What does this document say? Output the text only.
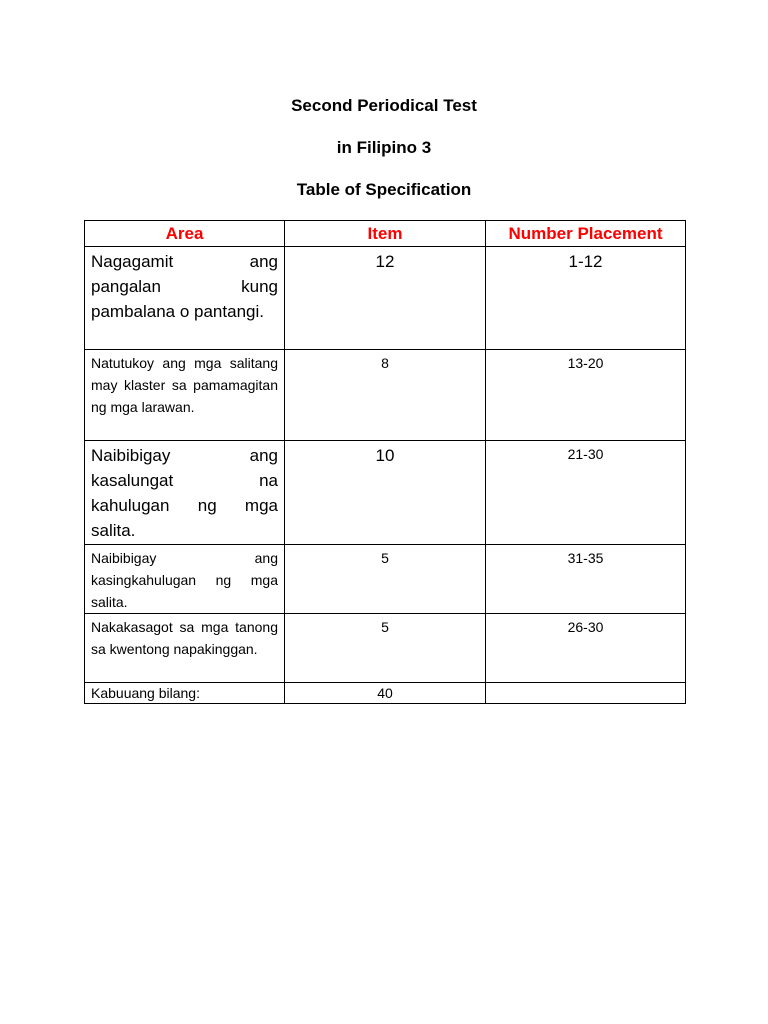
Second Periodical Test
in Filipino 3
Table of Specification
Area	Item	Number Placement
Nagagamit ang pangalan kung pambalana o pantangi.	12	1-12
Natutukoy ang mga salitang may klaster sa pamamagitan ng mga larawan.	8	13-20
Naibibigay ang kasalungat na kahulugan ng mga salita.	10	21-30
Naibibigay ang kasingkahulugan ng mga salita.	5	31-35
Nakakasagot sa mga tanong sa kwentong napakinggan.	5	26-30
Kabuuang bilang:	40	
